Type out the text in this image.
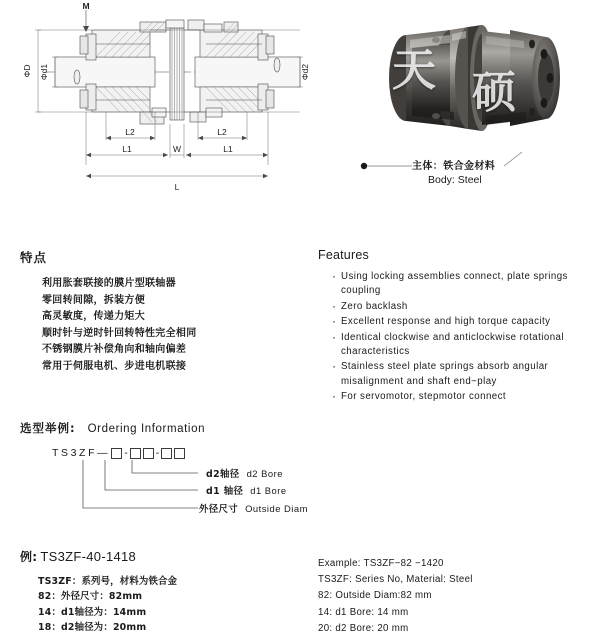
M
ΦD Φd1	Φd2
L2	L2
L1	W	L1
L
天 硕
主体：铁合金材料
Body: Steel
特点
利用胀套联接的膜片型联轴器
零回转间隙，拆装方便
高灵敏度，传递力矩大
顺时针与逆时针回转特性完全相同
不锈钢膜片补偿角向和轴向偏差
常用于伺服电机、步进电机联接
Features
· Using locking assemblies connect, plate springs coupling
· Zero backlash
· Excellent response and high torque capacity
· Identical clockwise and anticlockwise rotational characteristics
· Stainless steel plate springs absorb angular misalignment and shaft end−play
· For servomotor, stepmotor connect
选型举例: Ordering Information
TS3ZF— -	-
d2轴径 d2 Bore
d1 轴径 d1 Bore
外径尺寸 Outside Diam
例: TS3ZF-40-1418
TS3ZF：系列号，材料为铁合金
82：外径尺寸：82mm
14：d1轴径为：14mm
18：d2轴径为：20mm
Example: TS3ZF−82 −1420
TS3ZF: Series No, Material: Steel
82: Outside Diam:82 mm
14: d1 Bore: 14 mm
20: d2 Bore: 20 mm
